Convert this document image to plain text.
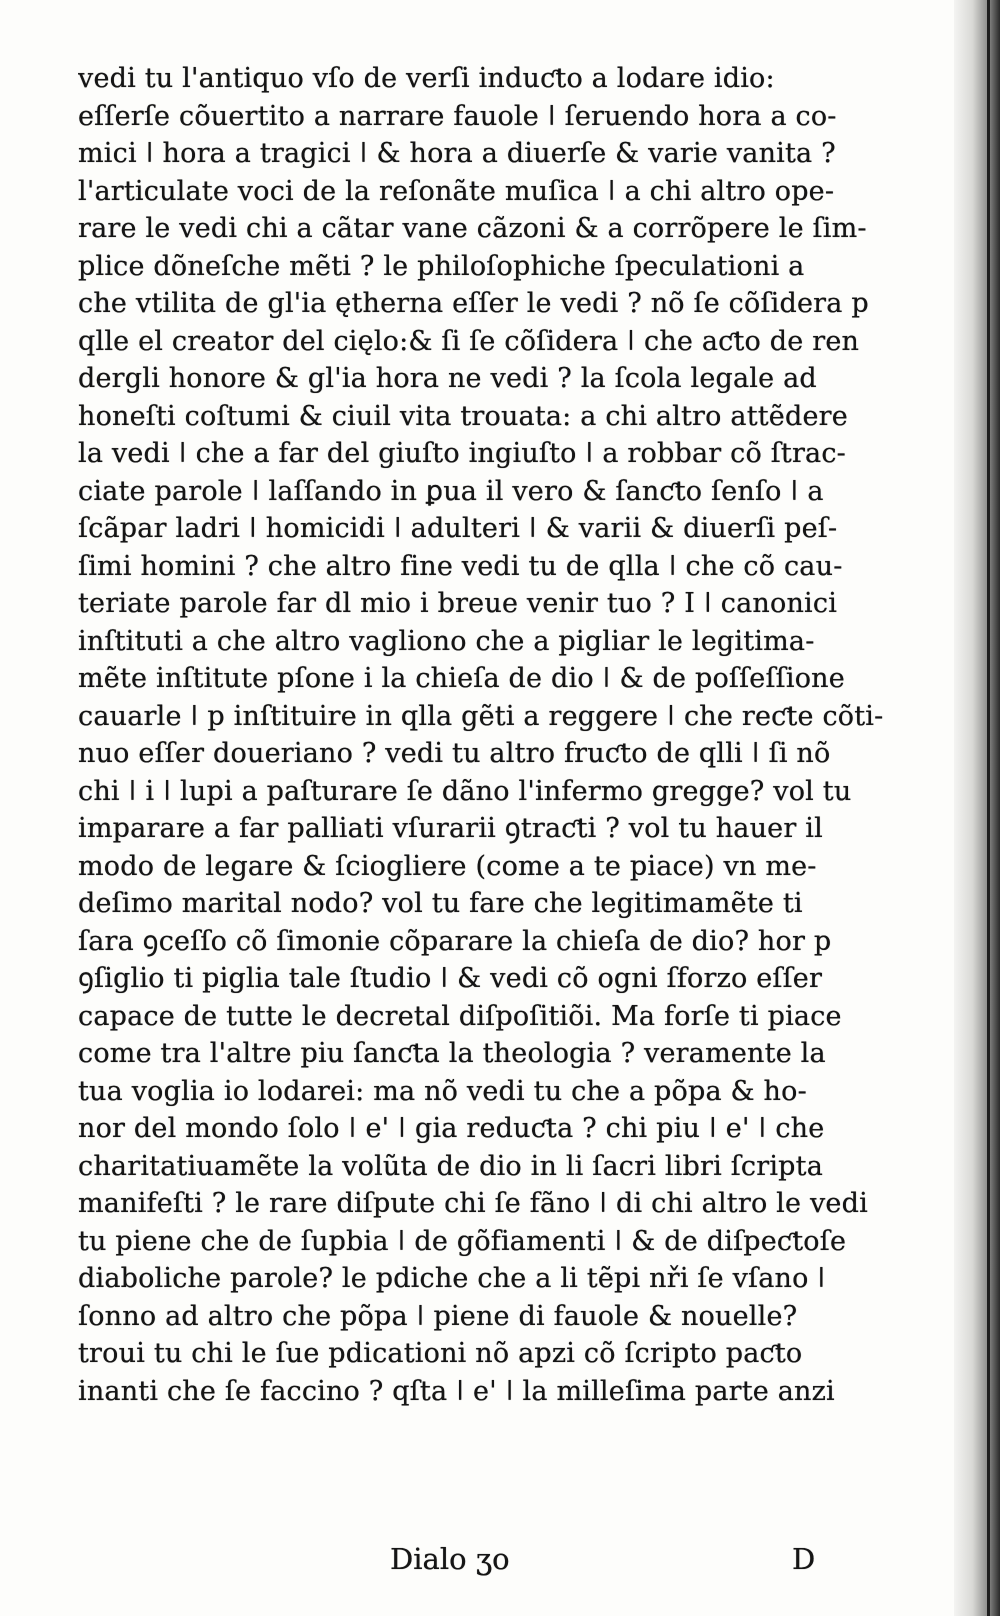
vedi tu l'antiquo vſo de verſi induƈto a lodare idio:
eſſerſe cõuertito a narrare fauole ǀ ſeruendo hora a co‑
mici ǀ hora a tragici ǀ & hora a diuerſe & varie vanita ?
l'articulate voci de la reſonãte muſica ǀ a chi altro ope‑
rare le vedi chi a cãtar vane cãzoni & a corrõpere le ſim‑
plice dõneſche mẽti ? le philoſophiche ſpeculationi a
che vtilita de gl'ia ętherna eſſer le vedi ? nõ ſe cõſidera p
qlle el creator del cięlo:& ſi ſe cõſidera ǀ che aƈto de ren
dergli honore & gl'ia hora ne vedi ? la ſcola legale ad
honeſti coſtumi & ciuil vita trouata: a chi altro attẽdere
la vedi ǀ che a far del giuſto ingiuſto ǀ a robbar cõ ſtrac‑
ciate parole ǀ laſſando in ꝑua il vero & ſanƈto ſenſo ǀ a
ſcãpar ladri ǀ homicidi ǀ adulteri ǀ & varii & diuerſi peſ‑
ſimi homini ? che altro fine vedi tu de qlla ǀ che cõ cau‑
teriate parole far dl mio i breue venir tuo ? I ǀ canonici
inſtituti a che altro vagliono che a pigliar le legitima‑
mẽte inſtitute pſone i la chieſa de dio ǀ & de poſſeſſione
cauarle ǀ p inſtituire in qlla gẽti a reggere ǀ che reƈte cõti‑
nuo eſſer doueriano ? vedi tu altro fruƈto de qlli ǀ ſi nõ
chi ǀ i ǀ lupi a paſturare ſe dãno l'infermo gregge? vol tu
imparare a far palliati vſurarii ꝯtraƈti ? vol tu hauer il
modo de legare & ſciogliere (come a te piace) vn me‑
deſimo marital nodo? vol tu fare che legitimamẽte ti
ſara ꝯceſſo cõ ſimonie cõparare la chieſa de dio? hor p
ꝯſiglio ti piglia tale ſtudio ǀ & vedi cõ ogni ſforzo eſſer
capace de tutte le decretal diſpoſitiõi. Ma forſe ti piace
come tra l'altre piu ſanƈta la theologia ? veramente la
tua voglia io lodarei: ma nõ vedi tu che a põpa & ho‑
nor del mondo ſolo ǀ e' ǀ gia reduƈta ? chi piu ǀ e' ǀ che
charitatiuamẽte la volũta de dio in li ſacri libri ſcripta
manifeſti ? le rare diſpute chi ſe fãno ǀ di chi altro le vedi
tu piene che de ſupbia ǀ de gõfiamenti ǀ & de diſpeƈtoſe
diaboliche parole? le pdiche che a li tẽpi nři ſe vſano ǀ
ſonno ad altro che põpa ǀ piene di fauole & nouelle?
troui tu chi le ſue pdicationi nõ apzi cõ ſcripto paƈto
inanti che ſe faccino ? qſta ǀ e' ǀ la milleſima parte anzi
Dialo ʒo	D
